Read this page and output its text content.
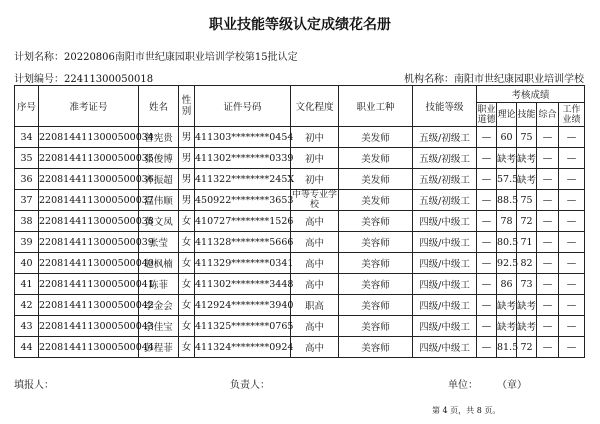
职业技能等级认定成绩花名册
计划名称：20220806南阳市世纪康园职业培训学校第15批认定
计划编号：22411300050018	机构名称：南阳市世纪康园职业培训学校
序号	准考证号	姓名	性别	证件号码	文化程度	职业工种	技能等级	考核成绩				
								职业道德	理论	技能	综合	工作业绩
34	2208144113000500034	曾宪贵	男	411303********0454	初中	美发师	五级/初级工	—	60	75	—	—
35	2208144113000500035	张俊博	男	411302********0339	初中	美发师	五级/初级工	—	缺考	缺考	—	—
36	2208144113000500036	齐振超	男	411322********245X	初中	美发师	五级/初级工	—	57.5	缺考	—	—
37	2208144113000500037	温伟顺	男	450922********3653	中等专业学校	美发师	五级/初级工	—	88.5	75	—	—
38	2208144113000500038	黄文凤	女	410727********1526	高中	美容师	四级/中级工	—	78	72	—	—
39	2208144113000500039	张莹	女	411328********5666	高中	美容师	四级/中级工	—	80.5	71	—	—
40	2208144113000500040	赵枫楠	女	411329********0341	高中	美容师	四级/中级工	—	92.5	82	—	—
41	2208144113000500041	陈菲	女	411302********3448	高中	美容师	四级/中级工	—	86	73	—	—
42	2208144113000500042	李金会	女	412924********3940	职高	美容师	四级/中级工	—	缺考	缺考	—	—
43	2208144113000500043	余佳宝	女	411325********0765	高中	美容师	四级/中级工	—	缺考	缺考	—	—
44	2208144113000500044	彭程菲	女	411324********0924	高中	美容师	四级/中级工	—	81.5	72	—	—
填报人：	负责人：	单位： （章）
第 4 页，共 8 页。
